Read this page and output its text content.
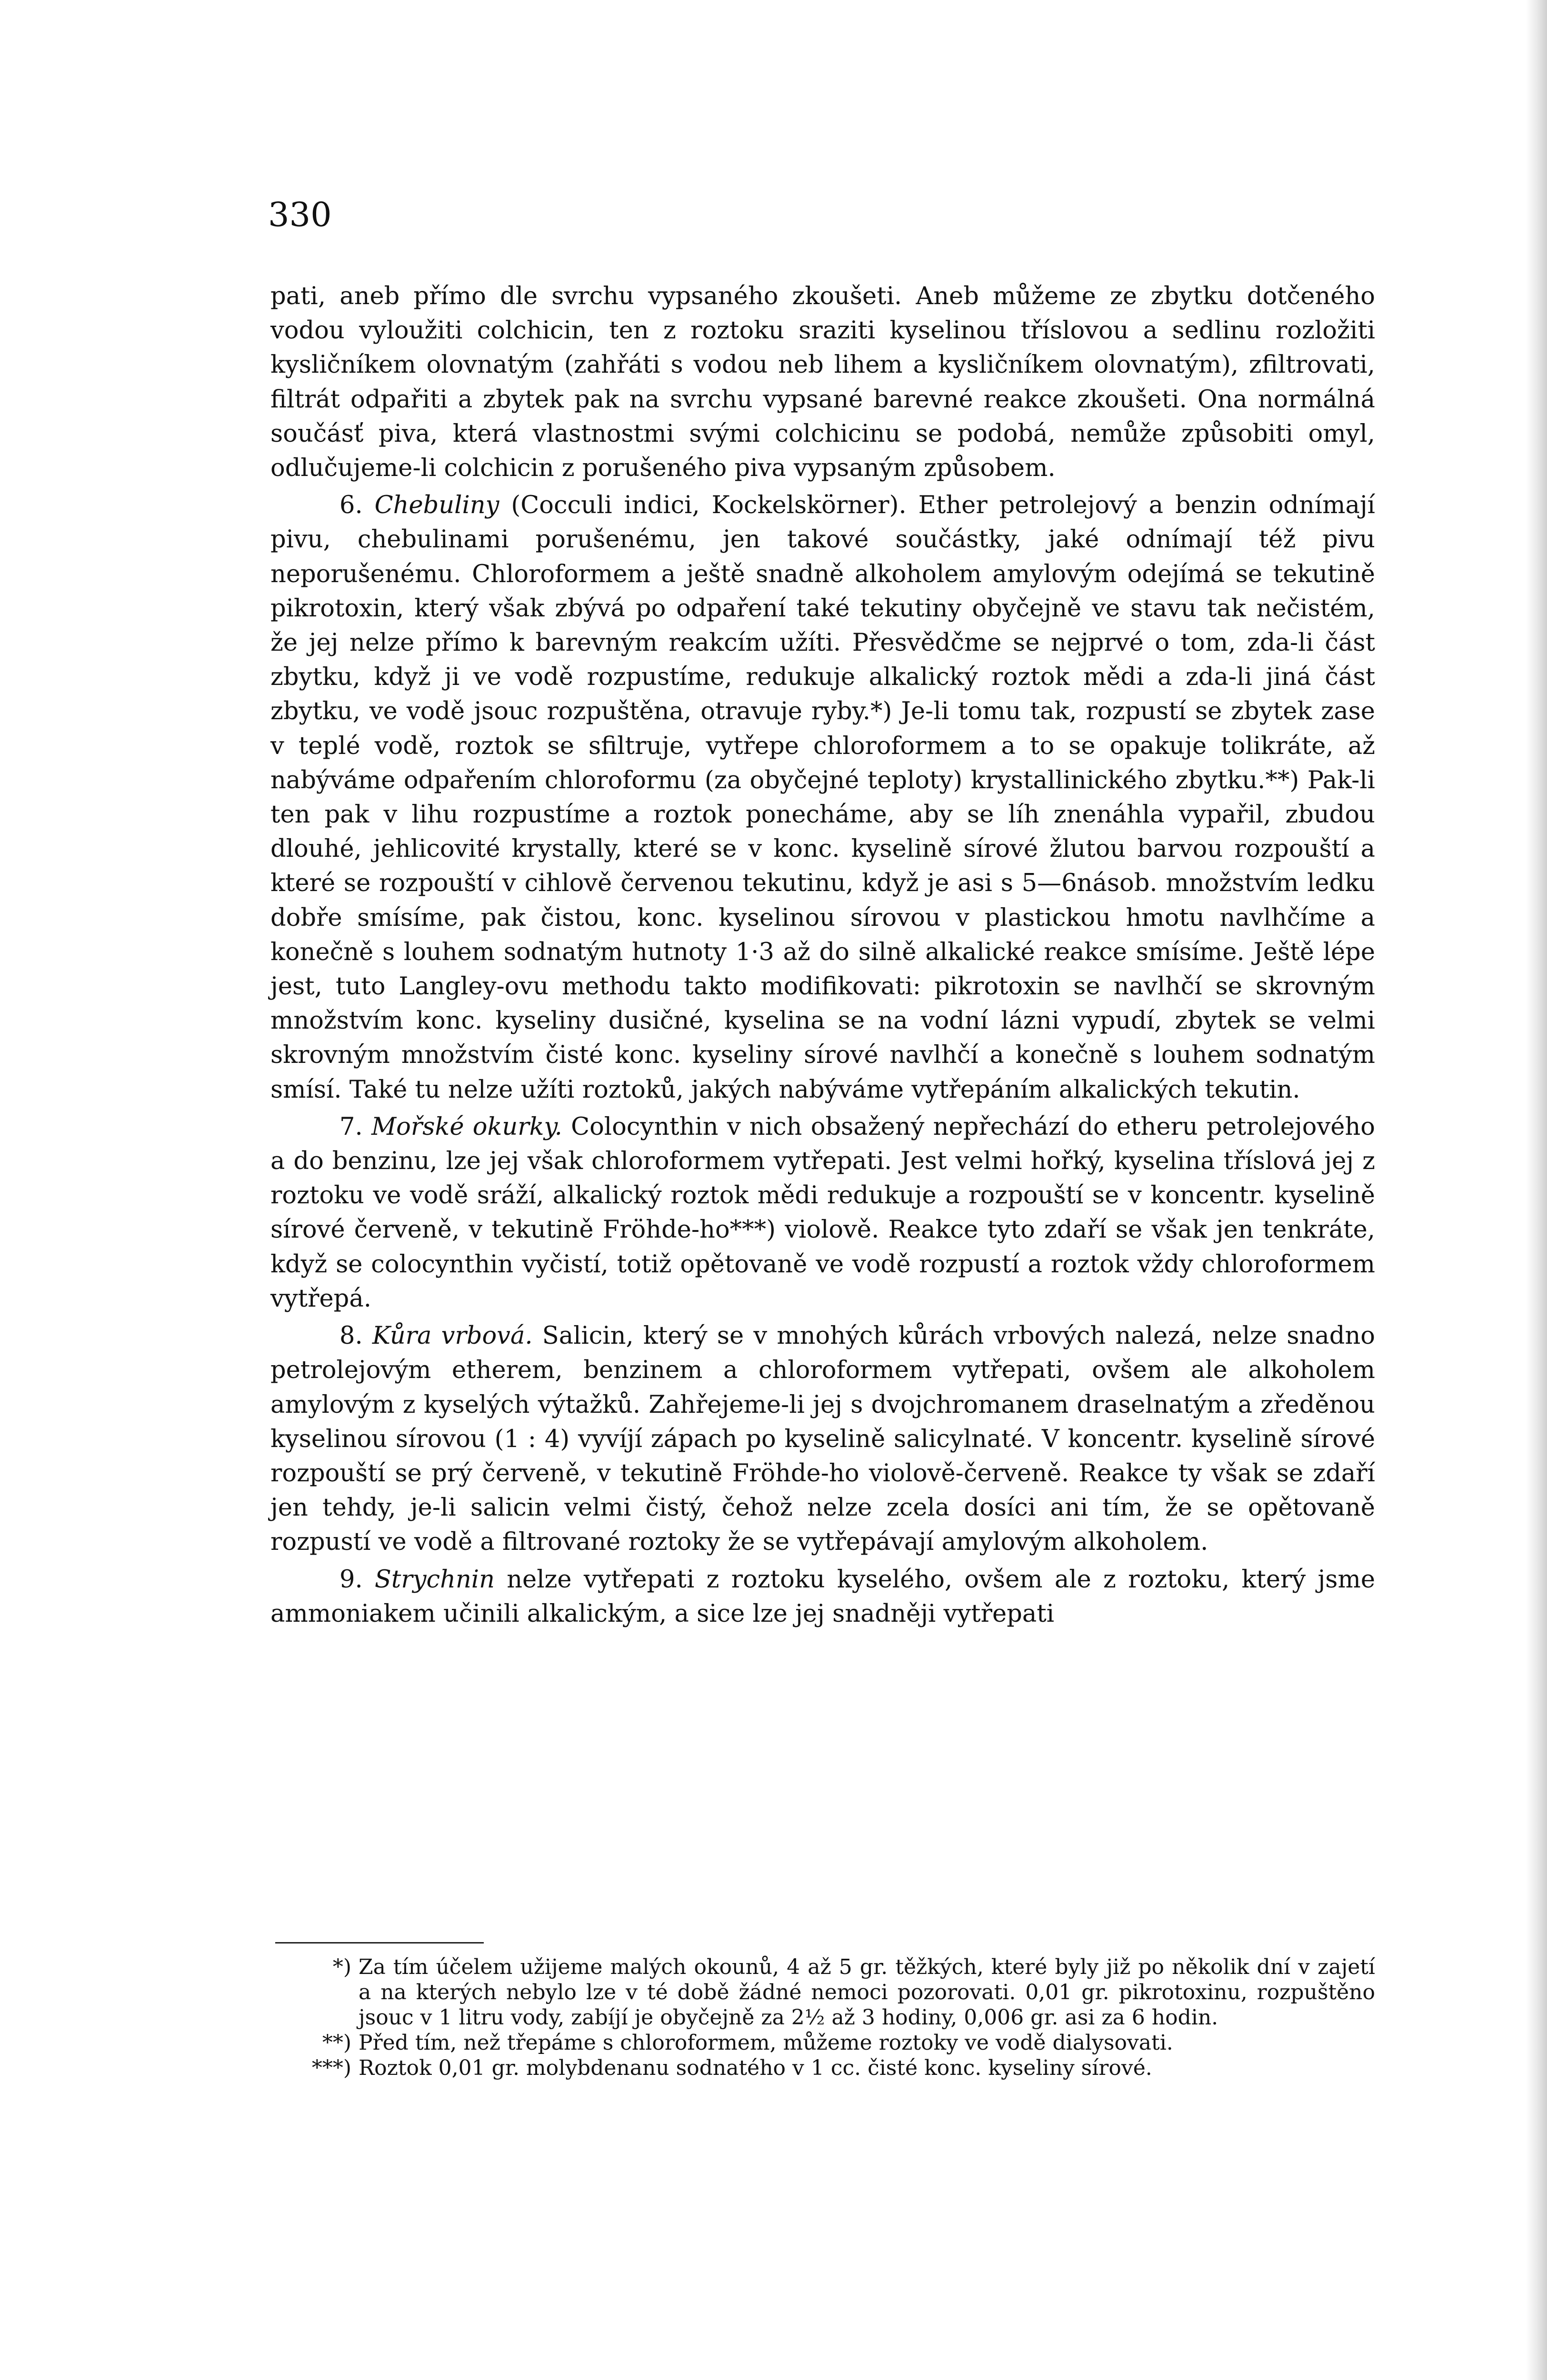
330

pati, aneb přímo dle svrchu vypsaného zkoušeti. Aneb můžeme ze zbytku dotčeného vodou vyloužiti colchicin, ten z roztoku sraziti kyselinou tříslovou a sedlinu rozložiti kysličníkem olovnatým (zahřáti s vodou neb lihem a kysličníkem olovnatým), zfiltrovati, filtrát odpařiti a zbytek pak na svrchu vypsané barevné reakce zkoušeti. Ona normálná součásť piva, která vlastnostmi svými colchicinu se podobá, nemůže způsobiti omyl, odlučujeme-li colchicin z porušeného piva vypsaným způsobem.

6. Chebuliny (Cocculi indici, Kockelskörner). Ether petrolejový a benzin odnímají pivu, chebulinami porušenému, jen takové součástky, jaké odnímají též pivu neporušenému. Chloroformem a ještě snadně alkoholem amylovým odejímá se tekutině pikrotoxin, který však zbývá po odpaření také tekutiny obyčejně ve stavu tak nečistém, že jej nelze přímo k barevným reakcím užíti. Přesvědčme se nejprvé o tom, zda-li část zbytku, když ji ve vodě rozpustíme, redukuje alkalický roztok mědi a zda-li jiná část zbytku, ve vodě jsouc rozpuštěna, otravuje ryby.*) Je-li tomu tak, rozpustí se zbytek zase v teplé vodě, roztok se sfiltruje, vytřepe chloroformem a to se opakuje tolikráte, až nabýváme odpařením chloroformu (za obyčejné teploty) krystallinického zbytku.**) Pak-li ten pak v lihu rozpustíme a roztok ponecháme, aby se líh znenáhla vypařil, zbudou dlouhé, jehlicovité krystally, které se v konc. kyselině sírové žlutou barvou rozpouští a které se rozpouští v cihlově červenou tekutinu, když je asi s 5—6násob. množstvím ledku dobře smísíme, pak čistou, konc. kyselinou sírovou v plastickou hmotu navlhčíme a konečně s louhem sodnatým hutnoty 1·3 až do silně alkalické reakce smísíme. Ještě lépe jest, tuto Langley-ovu methodu takto modifikovati: pikrotoxin se navlhčí se skrovným množstvím konc. kyseliny dusičné, kyselina se na vodní lázni vypudí, zbytek se velmi skrovným množstvím čisté konc. kyseliny sírové navlhčí a konečně s louhem sodnatým smísí. Také tu nelze užíti roztoků, jakých nabýváme vytřepáním alkalických tekutin.

7. Mořské okurky. Colocynthin v nich obsažený nepřechází do etheru petrolejového a do benzinu, lze jej však chloroformem vytřepati. Jest velmi hořký, kyselina tříslová jej z roztoku ve vodě sráží, alkalický roztok mědi redukuje a rozpouští se v koncentr. kyselině sírové červeně, v tekutině Fröhde-ho***) violově. Reakce tyto zdaří se však jen tenkráte, když se colocynthin vyčistí, totiž opětovaně ve vodě rozpustí a roztok vždy chloroformem vytřepá.

8. Kůra vrbová. Salicin, který se v mnohých kůrách vrbových nalezá, nelze snadno petrolejovým etherem, benzinem a chloroformem vytřepati, ovšem ale alkoholem amylovým z kyselých výtažků. Zahřejeme-li jej s dvojchromanem draselnatým a zředěnou kyselinou sírovou (1 : 4) vyvíjí zápach po kyselině salicylnaté. V koncentr. kyselině sírové rozpouští se prý červeně, v tekutině Fröhde-ho violově-červeně. Reakce ty však se zdaří jen tehdy, je-li salicin velmi čistý, čehož nelze zcela dosíci ani tím, že se opětovaně rozpustí ve vodě a filtrované roztoky že se vytřepávají amylovým alkoholem.

9. Strychnin nelze vytřepati z roztoku kyselého, ovšem ale z roztoku, který jsme ammoniakem učinili alkalickým, a sice lze jej snadněji vytřepati

*) Za tím účelem užijeme malých okounů, 4 až 5 gr. těžkých, které byly již po několik dní v zajetí a na kterých nebylo lze v té době žádné nemoci pozorovati. 0,01 gr. pikrotoxinu, rozpuštěno jsouc v 1 litru vody, zabíjí je obyčejně za 2½ až 3 hodiny, 0,006 gr. asi za 6 hodin.

**) Před tím, než třepáme s chloroformem, můžeme roztoky ve vodě dialysovati.

***) Roztok 0,01 gr. molybdenanu sodnatého v 1 cc. čisté konc. kyseliny sírové.
